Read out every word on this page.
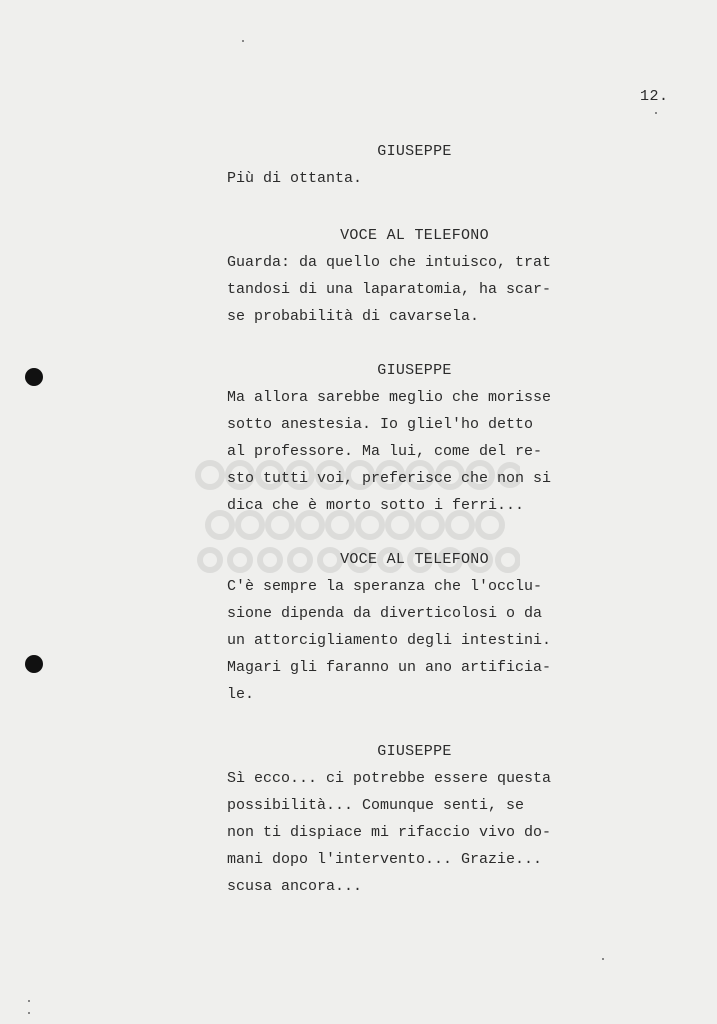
12.
GIUSEPPE
Più di ottanta.
VOCE AL TELEFONO
Guarda: da quello che intuisco, trat
tandosi di una laparatomia, ha scar-
se probabilità di cavarsela.
GIUSEPPE
Ma allora sarebbe meglio che morisse
sotto anestesia. Io gliel'ho detto
al professore. Ma lui, come del re-
sto tutti voi, preferisce che non si
dica che è morto sotto i ferri...
VOCE AL TELEFONO
C'è sempre la speranza che l'occlu-
sione dipenda da diverticolosi o da
un attorcigliamento degli intestini.
Magari gli faranno un ano artificia-
le.
GIUSEPPE
Sì ecco... ci potrebbe essere questa
possibilità... Comunque senti, se
non ti dispiace mi rifaccio vivo do-
mani dopo l'intervento... Grazie...
scusa ancora...
